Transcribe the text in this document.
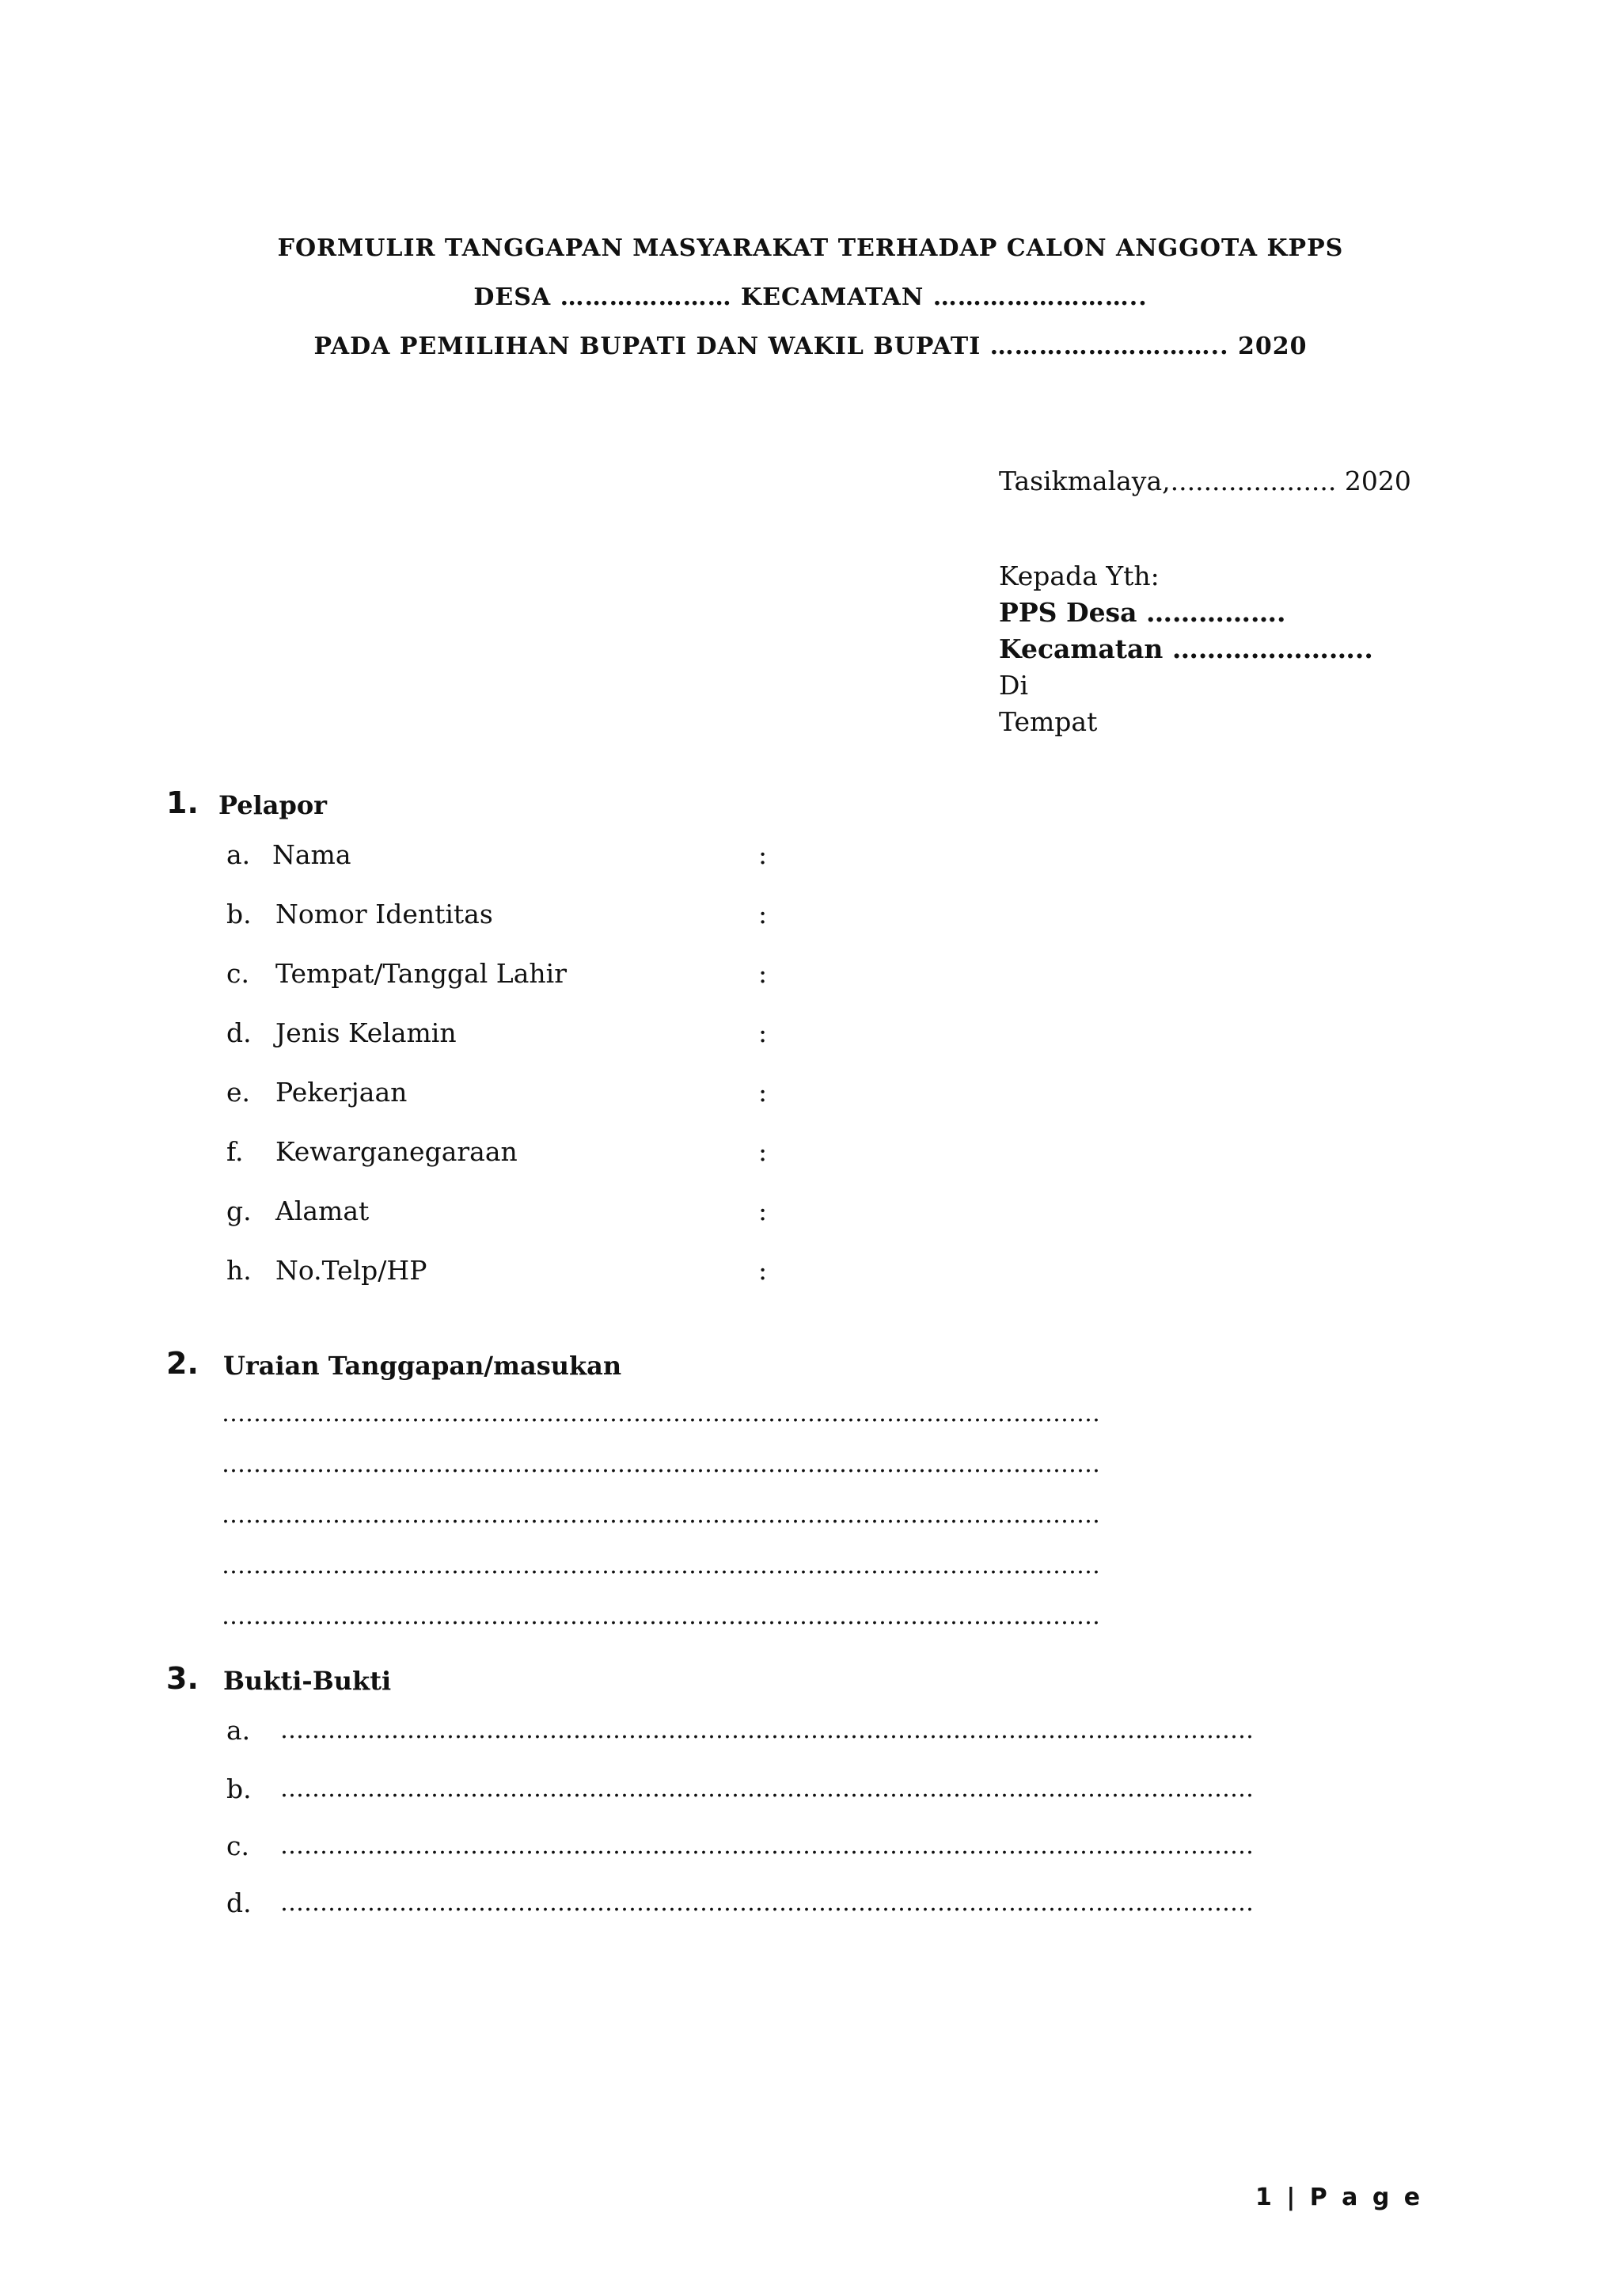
FORMULIR TANGGAPAN MASYARAKAT TERHADAP CALON ANGGOTA KPPS
DESA ………………… KECAMATAN ……………………..
PADA PEMILIHAN BUPATI DAN WAKIL BUPATI ……………………….. 2020
Tasikmalaya,.................... 2020
Kepada Yth:
PPS Desa …………….
Kecamatan …………………..
Di
Tempat
1. Pelapor
a. Nama	:
b. Nomor Identitas	:
c. Tempat/Tanggal Lahir	:
d. Jenis Kelamin	:
e. Pekerjaan	:
f. Kewarganegaraan	:
g. Alamat	:
h. No.Telp/HP	:
2. Uraian Tanggapan/masukan
…………………………………………………………………………………………………
…………………………………………………………………………………………………
…………………………………………………………………………………………………
…………………………………………………………………………………………………
…………………………………………………………………………………………………
3. Bukti-Bukti
a. ……………………………………………………………………………………………………………
b. ……………………………………………………………………………………………………………
c. ……………………………………………………………………………………………………………
d. ……………………………………………………………………………………………………………
1 | P a g e
